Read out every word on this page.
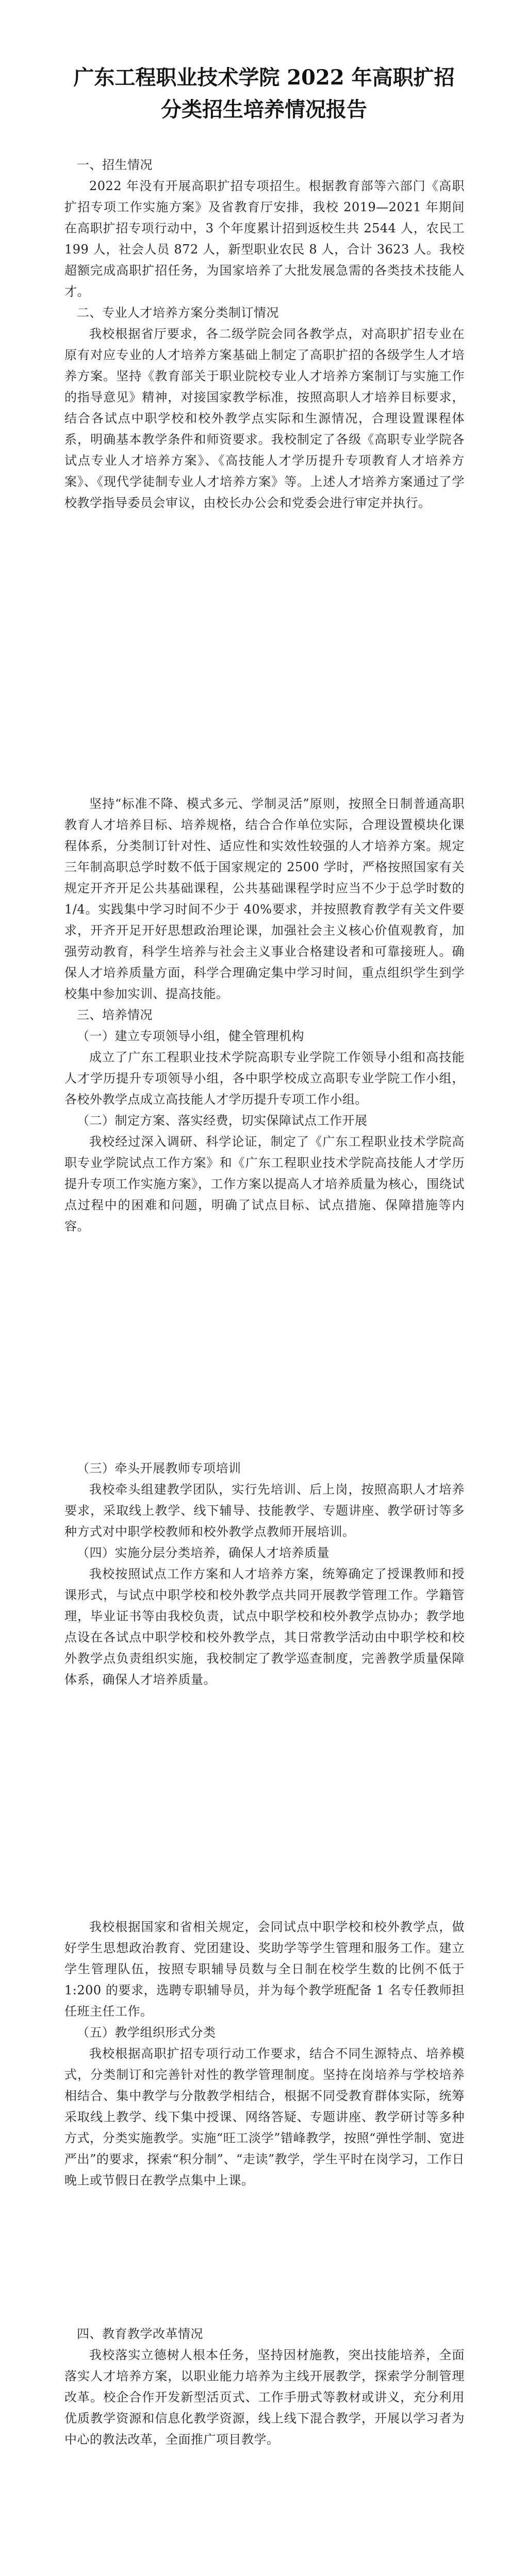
广东工程职业技术学院 2022 年高职扩招
分类招生培养情况报告

一、招生情况

2022 年没有开展高职扩招专项招生。根据教育部等六部门《高职扩招专项工作实施方案》及省教育厅安排，我校 2019—2021 年期间在高职扩招专项行动中，3 个年度累计招到返校生共 2544 人，农民工 199 人，社会人员 872 人，新型职业农民 8 人，合计 3623 人。我校超额完成高职扩招任务，为国家培养了大批发展急需的各类技术技能人才。

二、专业人才培养方案分类制订情况

我校根据省厅要求，各二级学院会同各教学点，对高职扩招专业在原有对应专业的人才培养方案基础上制定了高职扩招的各级学生人才培养方案。坚持《教育部关于职业院校专业人才培养方案制订与实施工作的指导意见》精神，对接国家教学标准，按照高职人才培养目标要求，结合各试点中职学校和校外教学点实际和生源情况，合理设置课程体系，明确基本教学条件和师资要求。我校制定了各级《高职专业学院各试点专业人才培养方案》、《高技能人才学历提升专项教育人才培养方案》、《现代学徒制专业人才培养方案》等。上述人才培养方案通过了学校教学指导委员会审议，由校长办公会和党委会进行审定并执行。

坚持“标准不降、模式多元、学制灵活”原则，按照全日制普通高职教育人才培养目标、培养规格，结合合作单位实际，合理设置模块化课程体系，分类制订针对性、适应性和实效性较强的人才培养方案。规定三年制高职总学时数不低于国家规定的 2500 学时，严格按照国家有关规定开齐开足公共基础课程，公共基础课程学时应当不少于总学时数的 1/4。实践集中学习时间不少于 40%要求，并按照教育教学有关文件要求，开齐开足开好思想政治理论课，加强社会主义核心价值观教育，加强劳动教育，科学生培养与社会主义事业合格建设者和可靠接班人。确保人才培养质量方面，科学合理确定集中学习时间，重点组织学生到学校集中参加实训、提高技能。

三、培养情况

（一）建立专项领导小组，健全管理机构

成立了广东工程职业技术学院高职专业学院工作领导小组和高技能人才学历提升专项领导小组，各中职学校成立高职专业学院工作小组，各校外教学点成立高技能人才学历提升专项工作小组。

（二）制定方案、落实经费，切实保障试点工作开展

我校经过深入调研、科学论证，制定了《广东工程职业技术学院高职专业学院试点工作方案》和《广东工程职业技术学院高技能人才学历提升专项工作实施方案》，工作方案以提高人才培养质量为核心，围绕试点过程中的困难和问题，明确了试点目标、试点措施、保障措施等内容。

（三）牵头开展教师专项培训

我校牵头组建教学团队，实行先培训、后上岗，按照高职人才培养要求，采取线上教学、线下辅导、技能教学、专题讲座、教学研讨等多种方式对中职学校教师和校外教学点教师开展培训。

（四）实施分层分类培养，确保人才培养质量

我校按照试点工作方案和人才培养方案，统筹确定了授课教师和授课形式，与试点中职学校和校外教学点共同开展教学管理工作。学籍管理，毕业证书等由我校负责，试点中职学校和校外教学点协办；教学地点设在各试点中职学校和校外教学点，其日常教学活动由中职学校和校外教学点负责组织实施，我校制定了教学巡查制度，完善教学质量保障体系，确保人才培养质量。

我校根据国家和省相关规定，会同试点中职学校和校外教学点，做好学生思想政治教育、党团建设、奖助学等学生管理和服务工作。建立学生管理队伍，按照专职辅导员数与全日制在校学生数的比例不低于 1:200 的要求，选聘专职辅导员，并为每个教学班配备 1 名专任教师担任班主任工作。

（五）教学组织形式分类

我校根据高职扩招专项行动工作要求，结合不同生源特点、培养模式，分类制订和完善针对性的教学管理制度。坚持在岗培养与学校培养相结合、集中教学与分散教学相结合，根据不同受教育群体实际，统筹采取线上教学、线下集中授课、网络答疑、专题讲座、教学研讨等多种方式，分类实施教学。实施“旺工淡学”错峰教学，按照“弹性学制、宽进严出”的要求，探索“积分制”、“走读”教学，学生平时在岗学习，工作日晚上或节假日在教学点集中上课。

四、教育教学改革情况

我校落实立德树人根本任务，坚持因材施教，突出技能培养，全面落实人才培养方案，以职业能力培养为主线开展教学，探索学分制管理改革。校企合作开发新型活页式、工作手册式等教材或讲义，充分利用优质教学资源和信息化教学资源，线上线下混合教学，开展以学习者为中心的教法改革，全面推广项目教学。
